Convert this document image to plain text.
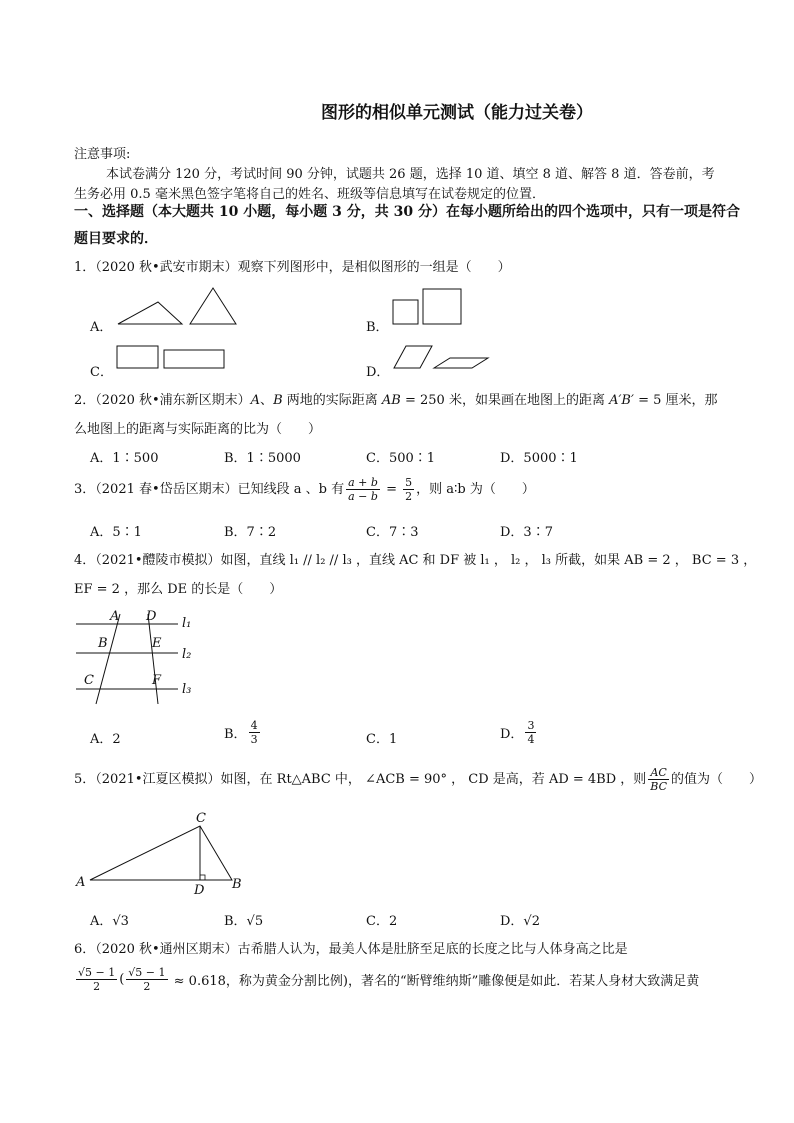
图形的相似单元测试（能力过关卷）
注意事项:
本试卷满分 120 分，考试时间 90 分钟，试题共 26 题，选择 10 道、填空 8 道、解答 8 道．答卷前，考
生务必用 0.5 毫米黑色签字笔将自己的姓名、班级等信息填写在试卷规定的位置．
一、选择题（本大题共 10 小题，每小题 3 分，共 30 分）在每小题所给出的四个选项中，只有一项是符合
题目要求的．
1．（2020 秋•武安市期末）观察下列图形中，是相似图形的一组是（　　）
A．	B．
C．	D．
2．（2020 秋•浦东新区期末）A、B 两地的实际距离 AB = 250 米，如果画在地图上的距离 A′B′ = 5 厘米，那
么地图上的距离与实际距离的比为（　　）
A．1∶500	B．1∶5000	C．500∶1	D．5000∶1
3．（2021 春•岱岳区期末）已知线段 a 、b 有 $\frac{a + b}{a - b} = \frac{5}{2}$ ，则 a∶b 为（　　）
A．5∶1	B．7∶2	C．7∶3	D．3∶7
4．（2021•醴陵市模拟）如图，直线 l₁ // l₂ // l₃ ，直线 AC 和 DF 被 l₁ ， l₂ ， l₃ 所截，如果 AB = 2 ， BC = 3 ，
EF = 2 ，那么 DE 的长是（　　）
A D
B	E
C	F
l₁
l₂
l₃
A．2	B． $\frac{4}{3}$	C．1	D． $\frac{3}{4}$
5．（2021•江夏区模拟）如图，在 Rt△ABC 中， ∠ACB = 90° ， CD 是高，若 AD = 4BD ，则 $\frac{AC}{BC}$ 的值为（　　）
A	B
C
D
A．√3	B．√5	C．2	D．√2
6．（2020 秋•通州区期末）古希腊人认为，最美人体是肚脐至足底的长度之比与人体身高之比是
$\frac{√5 - 1}{2}$ ( $\frac{√5 - 1}{2} \approx 0.618$，称为黄金分割比例)，著名的“断臂维纳斯”雕像便是如此．若某人身材大致满足黄
